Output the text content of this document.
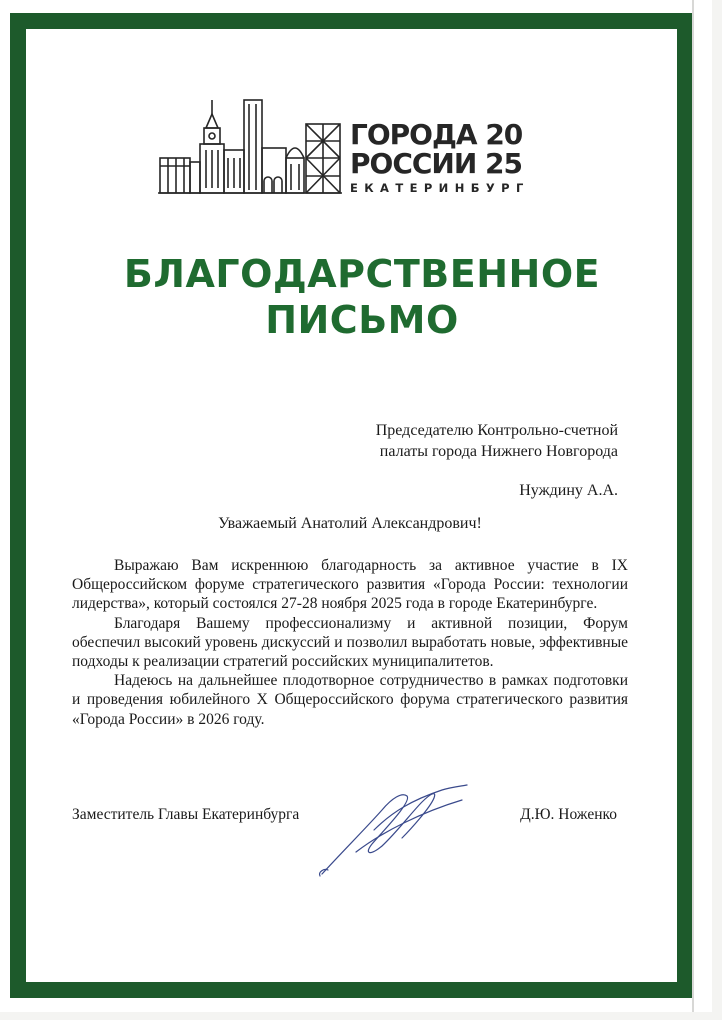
ГОРОДА 20
РОССИИ 25
ЕКАТЕРИНБУРГ
БЛАГОДАРСТВЕННОЕ
ПИСЬМО
Председателю Контрольно-счетной
палаты города Нижнего Новгорода
Нуждину А.А.
Уважаемый Анатолий Александрович!

Выражаю Вам искреннюю благодарность за активное участие в IX Общероссийском форуме стратегического развития «Города России: технологии лидерства», который состоялся 27-28 ноября 2025 года в городе Екатеринбурге.

Благодаря Вашему профессионализму и активной позиции, Форум обеспечил высокий уровень дискуссий и позволил выработать новые, эффективные подходы к реализации стратегий российских муниципалитетов.

Надеюсь на дальнейшее плодотворное сотрудничество в рамках подготовки и проведения юбилейного X Общероссийского форума стратегического развития «Города России» в 2026 году.

Заместитель Главы Екатеринбурга	Д.Ю. Ноженко
